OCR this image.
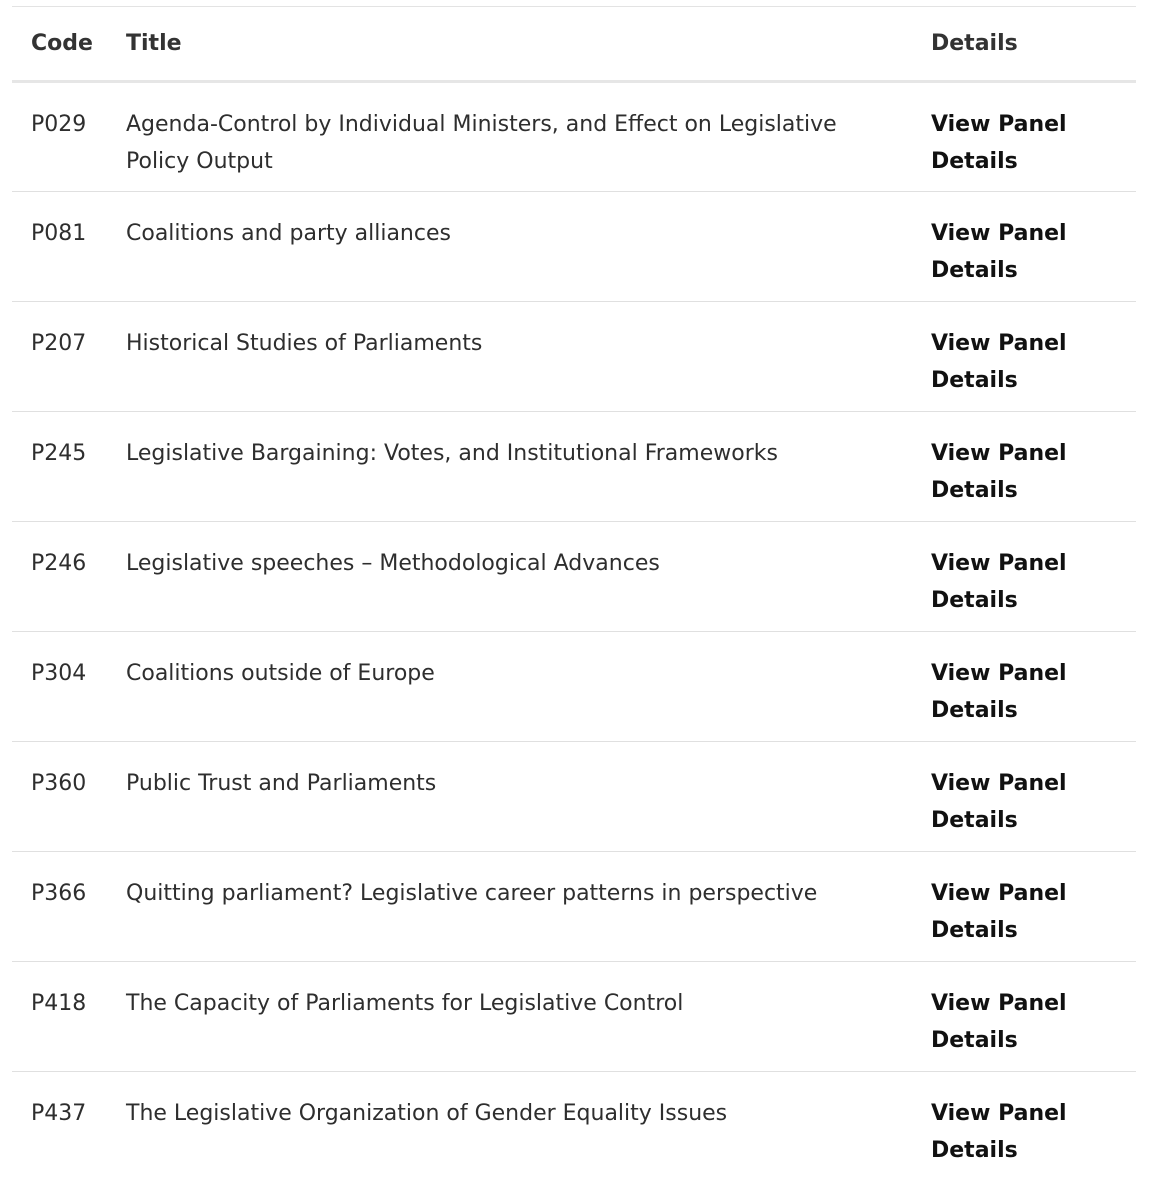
Code	Title	Details
P029	Agenda-Control by Individual Ministers, and Effect on Legislative Policy Output	View Panel Details

P081	Coalitions and party alliances	View Panel Details

P207	Historical Studies of Parliaments	View Panel Details

P245	Legislative Bargaining: Votes, and Institutional Frameworks	View Panel Details

P246	Legislative speeches – Methodological Advances	View Panel Details

P304	Coalitions outside of Europe	View Panel Details

P360	Public Trust and Parliaments	View Panel Details

P366	Quitting parliament? Legislative career patterns in perspective	View Panel Details

P418	The Capacity of Parliaments for Legislative Control	View Panel Details

P437	The Legislative Organization of Gender Equality Issues	View Panel Details
